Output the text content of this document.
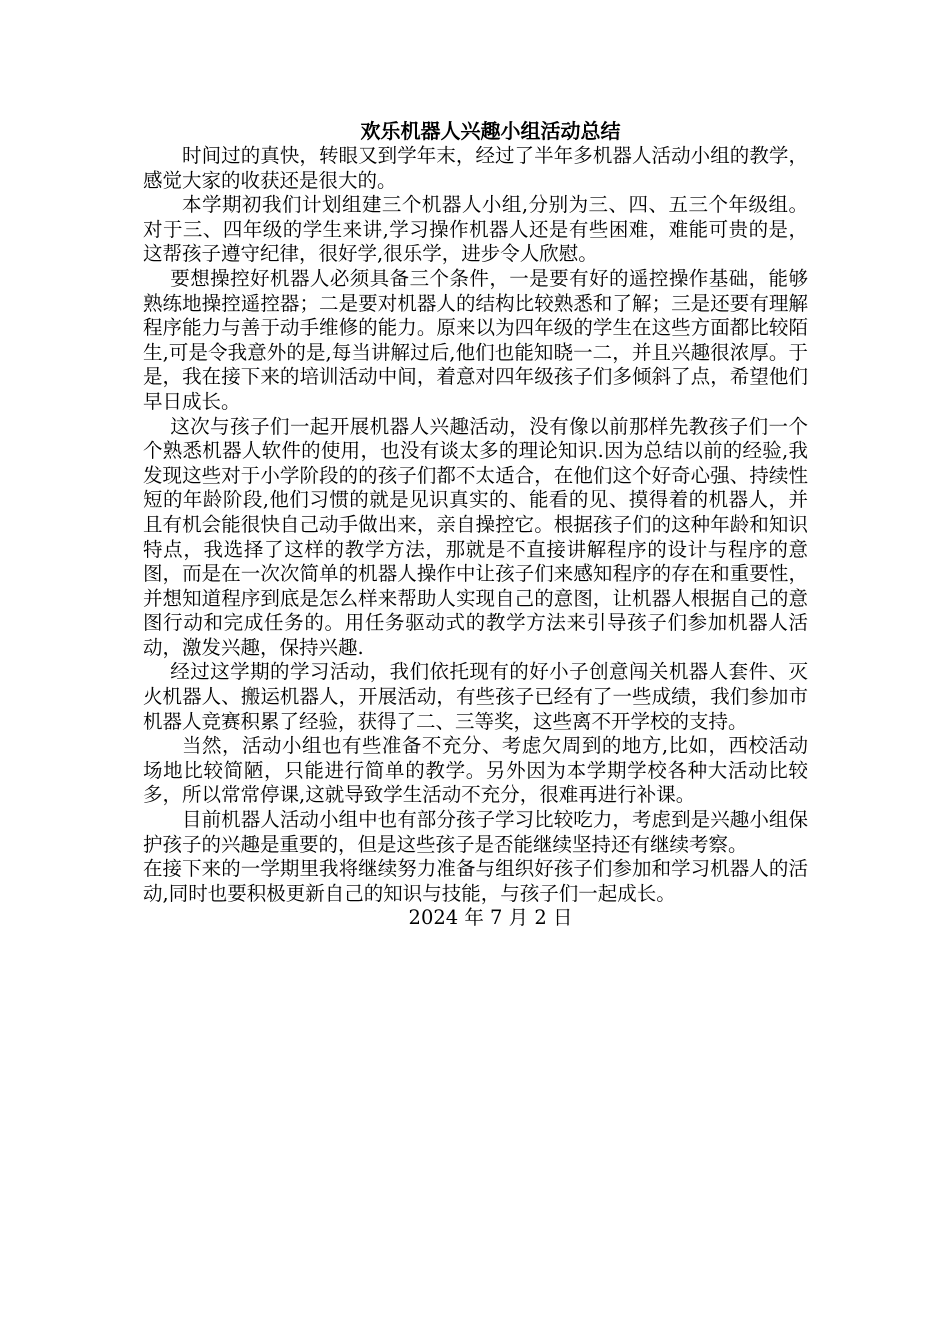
欢乐机器人兴趣小组活动总结

时间过的真快，转眼又到学年末，经过了半年多机器人活动小组的教学，感觉大家的收获还是很大的。

本学期初我们计划组建三个机器人小组,分别为三、四、五三个年级组。对于三、四年级的学生来讲,学习操作机器人还是有些困难，难能可贵的是，这帮孩子遵守纪律，很好学,很乐学，进步令人欣慰。

要想操控好机器人必须具备三个条件，一是要有好的遥控操作基础，能够熟练地操控遥控器；二是要对机器人的结构比较熟悉和了解；三是还要有理解程序能力与善于动手维修的能力。原来以为四年级的学生在这些方面都比较陌生,可是令我意外的是,每当讲解过后,他们也能知晓一二，并且兴趣很浓厚。于是，我在接下来的培训活动中间，着意对四年级孩子们多倾斜了点，希望他们早日成长。

这次与孩子们一起开展机器人兴趣活动，没有像以前那样先教孩子们一个个熟悉机器人软件的使用，也没有谈太多的理论知识.因为总结以前的经验,我发现这些对于小学阶段的的孩子们都不太适合，在他们这个好奇心强、持续性短的年龄阶段,他们习惯的就是见识真实的、能看的见、摸得着的机器人，并且有机会能很快自己动手做出来，亲自操控它。根据孩子们的这种年龄和知识特点，我选择了这样的教学方法，那就是不直接讲解程序的设计与程序的意图，而是在一次次简单的机器人操作中让孩子们来感知程序的存在和重要性，并想知道程序到底是怎么样来帮助人实现自己的意图，让机器人根据自己的意图行动和完成任务的。用任务驱动式的教学方法来引导孩子们参加机器人活动，激发兴趣，保持兴趣.

经过这学期的学习活动，我们依托现有的好小子创意闯关机器人套件、灭火机器人、搬运机器人，开展活动，有些孩子已经有了一些成绩，我们参加市机器人竞赛积累了经验，获得了二、三等奖，这些离不开学校的支持。

当然，活动小组也有些准备不充分、考虑欠周到的地方,比如，西校活动场地比较简陋，只能进行简单的教学。另外因为本学期学校各种大活动比较多，所以常常停课,这就导致学生活动不充分，很难再进行补课。

目前机器人活动小组中也有部分孩子学习比较吃力，考虑到是兴趣小组保护孩子的兴趣是重要的，但是这些孩子是否能继续坚持还有继续考察。

在接下来的一学期里我将继续努力准备与组织好孩子们参加和学习机器人的活动,同时也要积极更新自己的知识与技能，与孩子们一起成长。

2024 年 7 月 2 日
